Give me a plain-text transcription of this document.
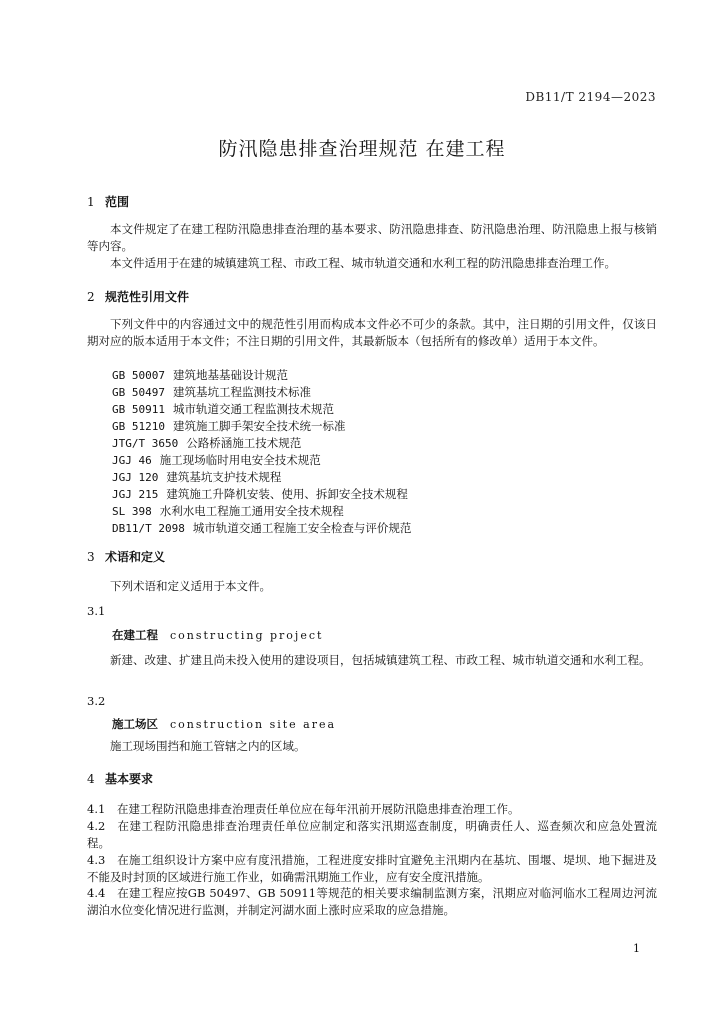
DB11/T 2194—2023
防汛隐患排查治理规范 在建工程
1 范围
本文件规定了在建工程防汛隐患排查治理的基本要求、防汛隐患排查、防汛隐患治理、防汛隐患上报与核销等内容。
本文件适用于在建的城镇建筑工程、市政工程、城市轨道交通和水利工程的防汛隐患排查治理工作。
2 规范性引用文件
下列文件中的内容通过文中的规范性引用而构成本文件必不可少的条款。其中，注日期的引用文件，仅该日期对应的版本适用于本文件；不注日期的引用文件，其最新版本（包括所有的修改单）适用于本文件。
GB 50007 建筑地基基础设计规范
GB 50497 建筑基坑工程监测技术标准
GB 50911 城市轨道交通工程监测技术规范
GB 51210 建筑施工脚手架安全技术统一标准
JTG/T 3650 公路桥涵施工技术规范
JGJ 46 施工现场临时用电安全技术规范
JGJ 120 建筑基坑支护技术规程
JGJ 215 建筑施工升降机安装、使用、拆卸安全技术规程
SL 398 水利水电工程施工通用安全技术规程
DB11/T 2098 城市轨道交通工程施工安全检查与评价规范
3 术语和定义
下列术语和定义适用于本文件。
3.1
在建工程 constructing project
新建、改建、扩建且尚未投入使用的建设项目，包括城镇建筑工程、市政工程、城市轨道交通和水利工程。
3.2
施工场区 construction site area
施工现场围挡和施工管辖之内的区域。
4 基本要求
4.1 在建工程防汛隐患排查治理责任单位应在每年汛前开展防汛隐患排查治理工作。
4.2 在建工程防汛隐患排查治理责任单位应制定和落实汛期巡查制度，明确责任人、巡查频次和应急处置流程。
4.3 在施工组织设计方案中应有度汛措施，工程进度安排时宜避免主汛期内在基坑、围堰、堤坝、地下掘进及不能及时封顶的区域进行施工作业，如确需汛期施工作业，应有安全度汛措施。
4.4 在建工程应按GB 50497、GB 50911等规范的相关要求编制监测方案，汛期应对临河临水工程周边河流湖泊水位变化情况进行监测，并制定河湖水面上涨时应采取的应急措施。
1
